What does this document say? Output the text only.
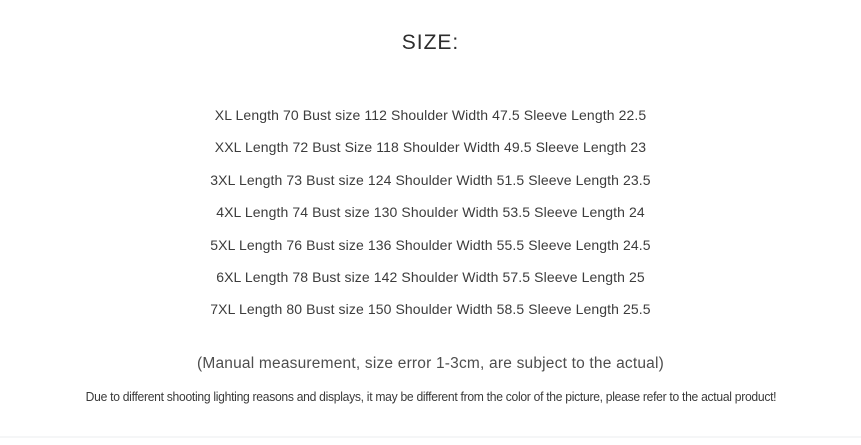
SIZE:
XL Length 70 Bust size 112 Shoulder Width 47.5 Sleeve Length 22.5
XXL Length 72 Bust Size 118 Shoulder Width 49.5 Sleeve Length 23
3XL Length 73 Bust size 124 Shoulder Width 51.5 Sleeve Length 23.5
4XL Length 74 Bust size 130 Shoulder Width 53.5 Sleeve Length 24
5XL Length 76 Bust size 136 Shoulder Width 55.5 Sleeve Length 24.5
6XL Length 78 Bust size 142 Shoulder Width 57.5 Sleeve Length 25
7XL Length 80 Bust size 150 Shoulder Width 58.5 Sleeve Length 25.5
(Manual measurement, size error 1-3cm, are subject to the actual)
Due to different shooting lighting reasons and displays, it may be different from the color of the picture, please refer to the actual product!
